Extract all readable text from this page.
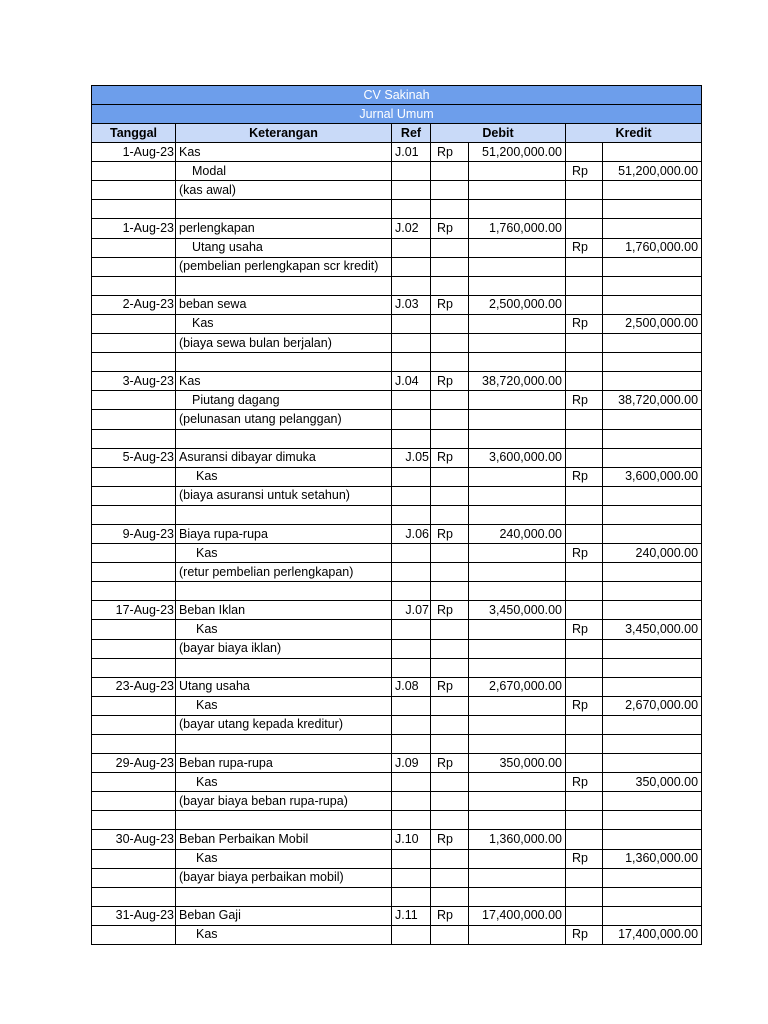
CV Sakinah						
Jurnal Umum						
Tanggal	Keterangan	Ref	Debit		Kredit	
1-Aug-23	Kas	J.01	Rp	51,200,000.00		
	Modal				Rp	51,200,000.00
	(kas awal)					

1-Aug-23	perlengkapan	J.02	Rp	1,760,000.00		
	Utang usaha				Rp	1,760,000.00
	(pembelian perlengkapan scr kredit)					

2-Aug-23	beban sewa	J.03	Rp	2,500,000.00		
	Kas				Rp	2,500,000.00
	(biaya sewa bulan berjalan)					

3-Aug-23	Kas	J.04	Rp	38,720,000.00		
	Piutang dagang				Rp	38,720,000.00
	(pelunasan utang pelanggan)					

5-Aug-23	Asuransi dibayar dimuka	J.05	Rp	3,600,000.00		
	Kas				Rp	3,600,000.00
	(biaya asuransi untuk setahun)					

9-Aug-23	Biaya rupa-rupa	J.06	Rp	240,000.00		
	Kas				Rp	240,000.00
	(retur pembelian perlengkapan)					

17-Aug-23	Beban Iklan	J.07	Rp	3,450,000.00		
	Kas				Rp	3,450,000.00
	(bayar biaya iklan)					

23-Aug-23	Utang usaha	J.08	Rp	2,670,000.00		
	Kas				Rp	2,670,000.00
	(bayar utang kepada kreditur)					

29-Aug-23	Beban rupa-rupa	J.09	Rp	350,000.00		
	Kas				Rp	350,000.00
	(bayar biaya beban rupa-rupa)					

30-Aug-23	Beban Perbaikan Mobil	J.10	Rp	1,360,000.00		
	Kas				Rp	1,360,000.00
	(bayar biaya perbaikan mobil)					

31-Aug-23	Beban Gaji	J.11	Rp	17,400,000.00		
	Kas				Rp	17,400,000.00
